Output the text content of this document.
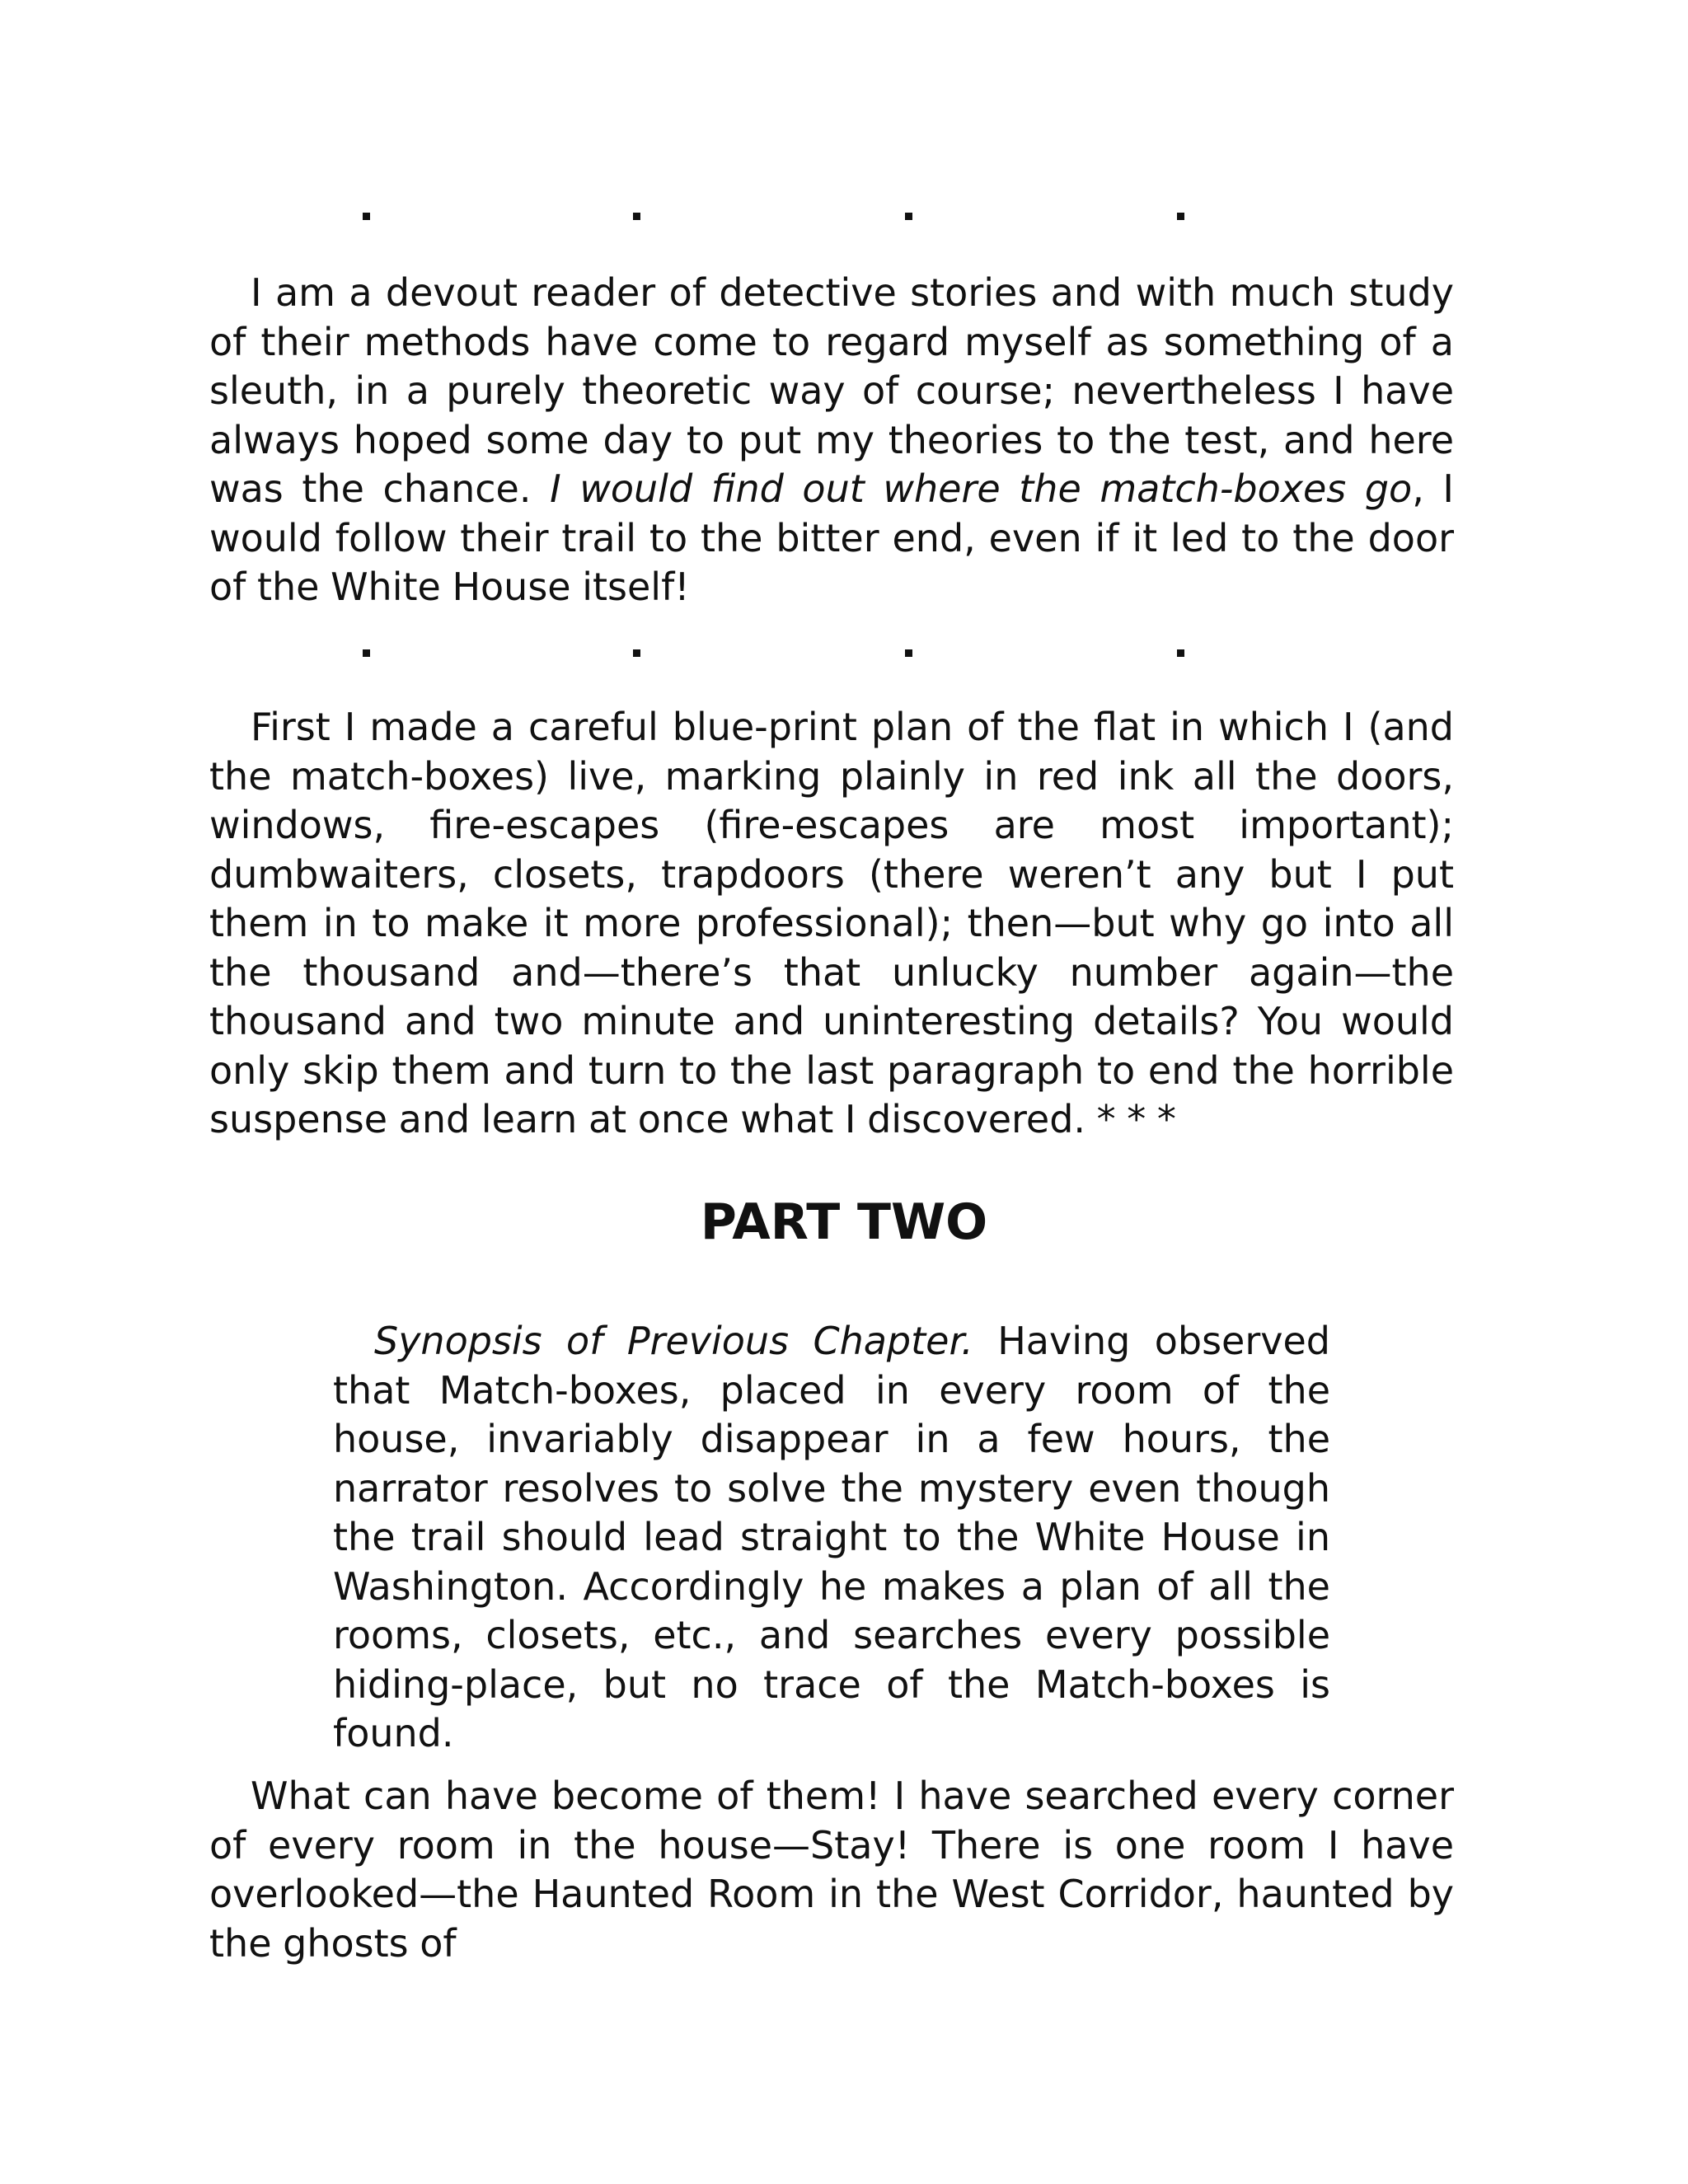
I am a devout reader of detective stories and with much study of their methods have come to regard myself as something of a sleuth, in a purely theoretic way of course; nevertheless I have always hoped some day to put my theories to the test, and here was the chance. I would find out where the match-boxes go, I would follow their trail to the bitter end, even if it led to the door of the White House itself!

First I made a careful blue-print plan of the flat in which I (and the match-boxes) live, marking plainly in red ink all the doors, windows, fire-escapes (fire-escapes are most important); dumbwaiters, closets, trapdoors (there weren’t any but I put them in to make it more professional); then—but why go into all the thousand and—there’s that unlucky number again—the thousand and two minute and uninteresting details? You would only skip them and turn to the last paragraph to end the horrible suspense and learn at once what I discovered. * * *

PART TWO

Synopsis of Previous Chapter. Having observed that Match-boxes, placed in every room of the house, invariably disappear in a few hours, the narrator resolves to solve the mystery even though the trail should lead straight to the White House in Washington. Accordingly he makes a plan of all the rooms, closets, etc., and searches every possible hiding-place, but no trace of the Match-boxes is found.

What can have become of them! I have searched every corner of every room in the house—Stay! There is one room I have overlooked—the Haunted Room in the West Corridor, haunted by the ghosts of
